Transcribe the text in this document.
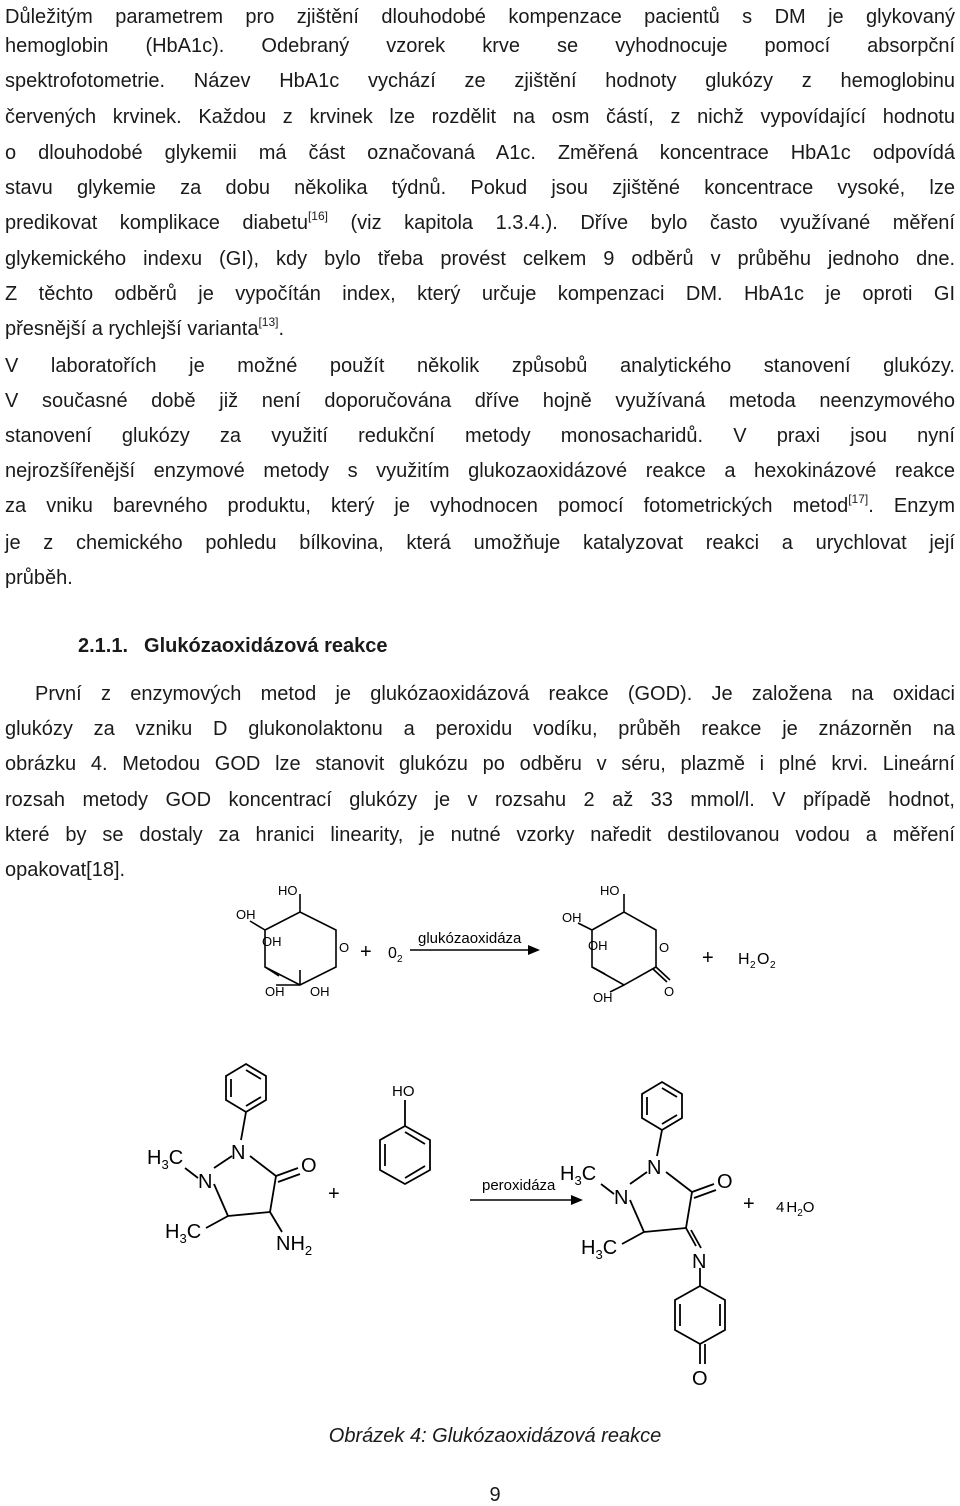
Důležitým parametrem pro zjištění dlouhodobé kompenzace pacientů s DM je glykovaný
hemoglobin (HbA1c). Odebraný vzorek krve se vyhodnocuje pomocí absorpční
spektrofotometrie. Název HbA1c vychází ze zjištění hodnoty glukózy z hemoglobinu
červených krvinek. Každou z krvinek lze rozdělit na osm částí, z nichž vypovídající hodnotu
o dlouhodobé glykemii má část označovaná A1c. Změřená koncentrace HbA1c odpovídá
stavu glykemie za dobu několika týdnů. Pokud jsou zjištěné koncentrace vysoké, lze
predikovat komplikace diabetu[16] (viz kapitola 1.3.4.). Dříve bylo často využívané měření
glykemického indexu (GI), kdy bylo třeba provést celkem 9 odběrů v průběhu jednoho dne.
Z těchto odběrů je vypočítán index, který určuje kompenzaci DM. HbA1c je oproti GI
přesnější a rychlejší varianta[13].
V laboratořích je možné použít několik způsobů analytického stanovení glukózy.
V současné době již není doporučována dříve hojně využívaná metoda neenzymového
stanovení glukózy za využití redukční metody monosacharidů. V praxi jsou nyní
nejrozšířenější enzymové metody s využitím glukozaoxidázové reakce a hexokinázové reakce
za vniku barevného produktu, který je vyhodnocen pomocí fotometrických metod[17]. Enzym
je z chemického pohledu bílkovina, která umožňuje katalyzovat reakci a urychlovat její
průběh.
2.1.1. Glukózaoxidázová reakce
První z enzymových metod je glukózaoxidázová reakce (GOD). Je založena na oxidaci
glukózy za vzniku D glukonolaktonu a peroxidu vodíku, průběh reakce je znázorněn na
obrázku 4. Metodou GOD lze stanovit glukózu po odběru v séru, plazmě i plné krvi. Lineární
rozsah metody GOD koncentrací glukózy je v rozsahu 2 až 33 mmol/l. V případě hodnot,
které by se dostaly za hranici linearity, je nutné vzorky naředit destilovanou vodou a měření
opakovat[18].
HO
OH
OH	O
OH OH
+ 0 2
glukózaoxidáza
HO
OH
OH	O
OH	O
+ H 2 O 2
$H_3C$ N
N
O
$H_3C$
$NH_2$
+
HO
peroxidáza
$H_3C$	N
N
O
$H_3C$
N
O
+ 4 $H_2O$
Obrázek 4: Glukózaoxidázová reakce
9
